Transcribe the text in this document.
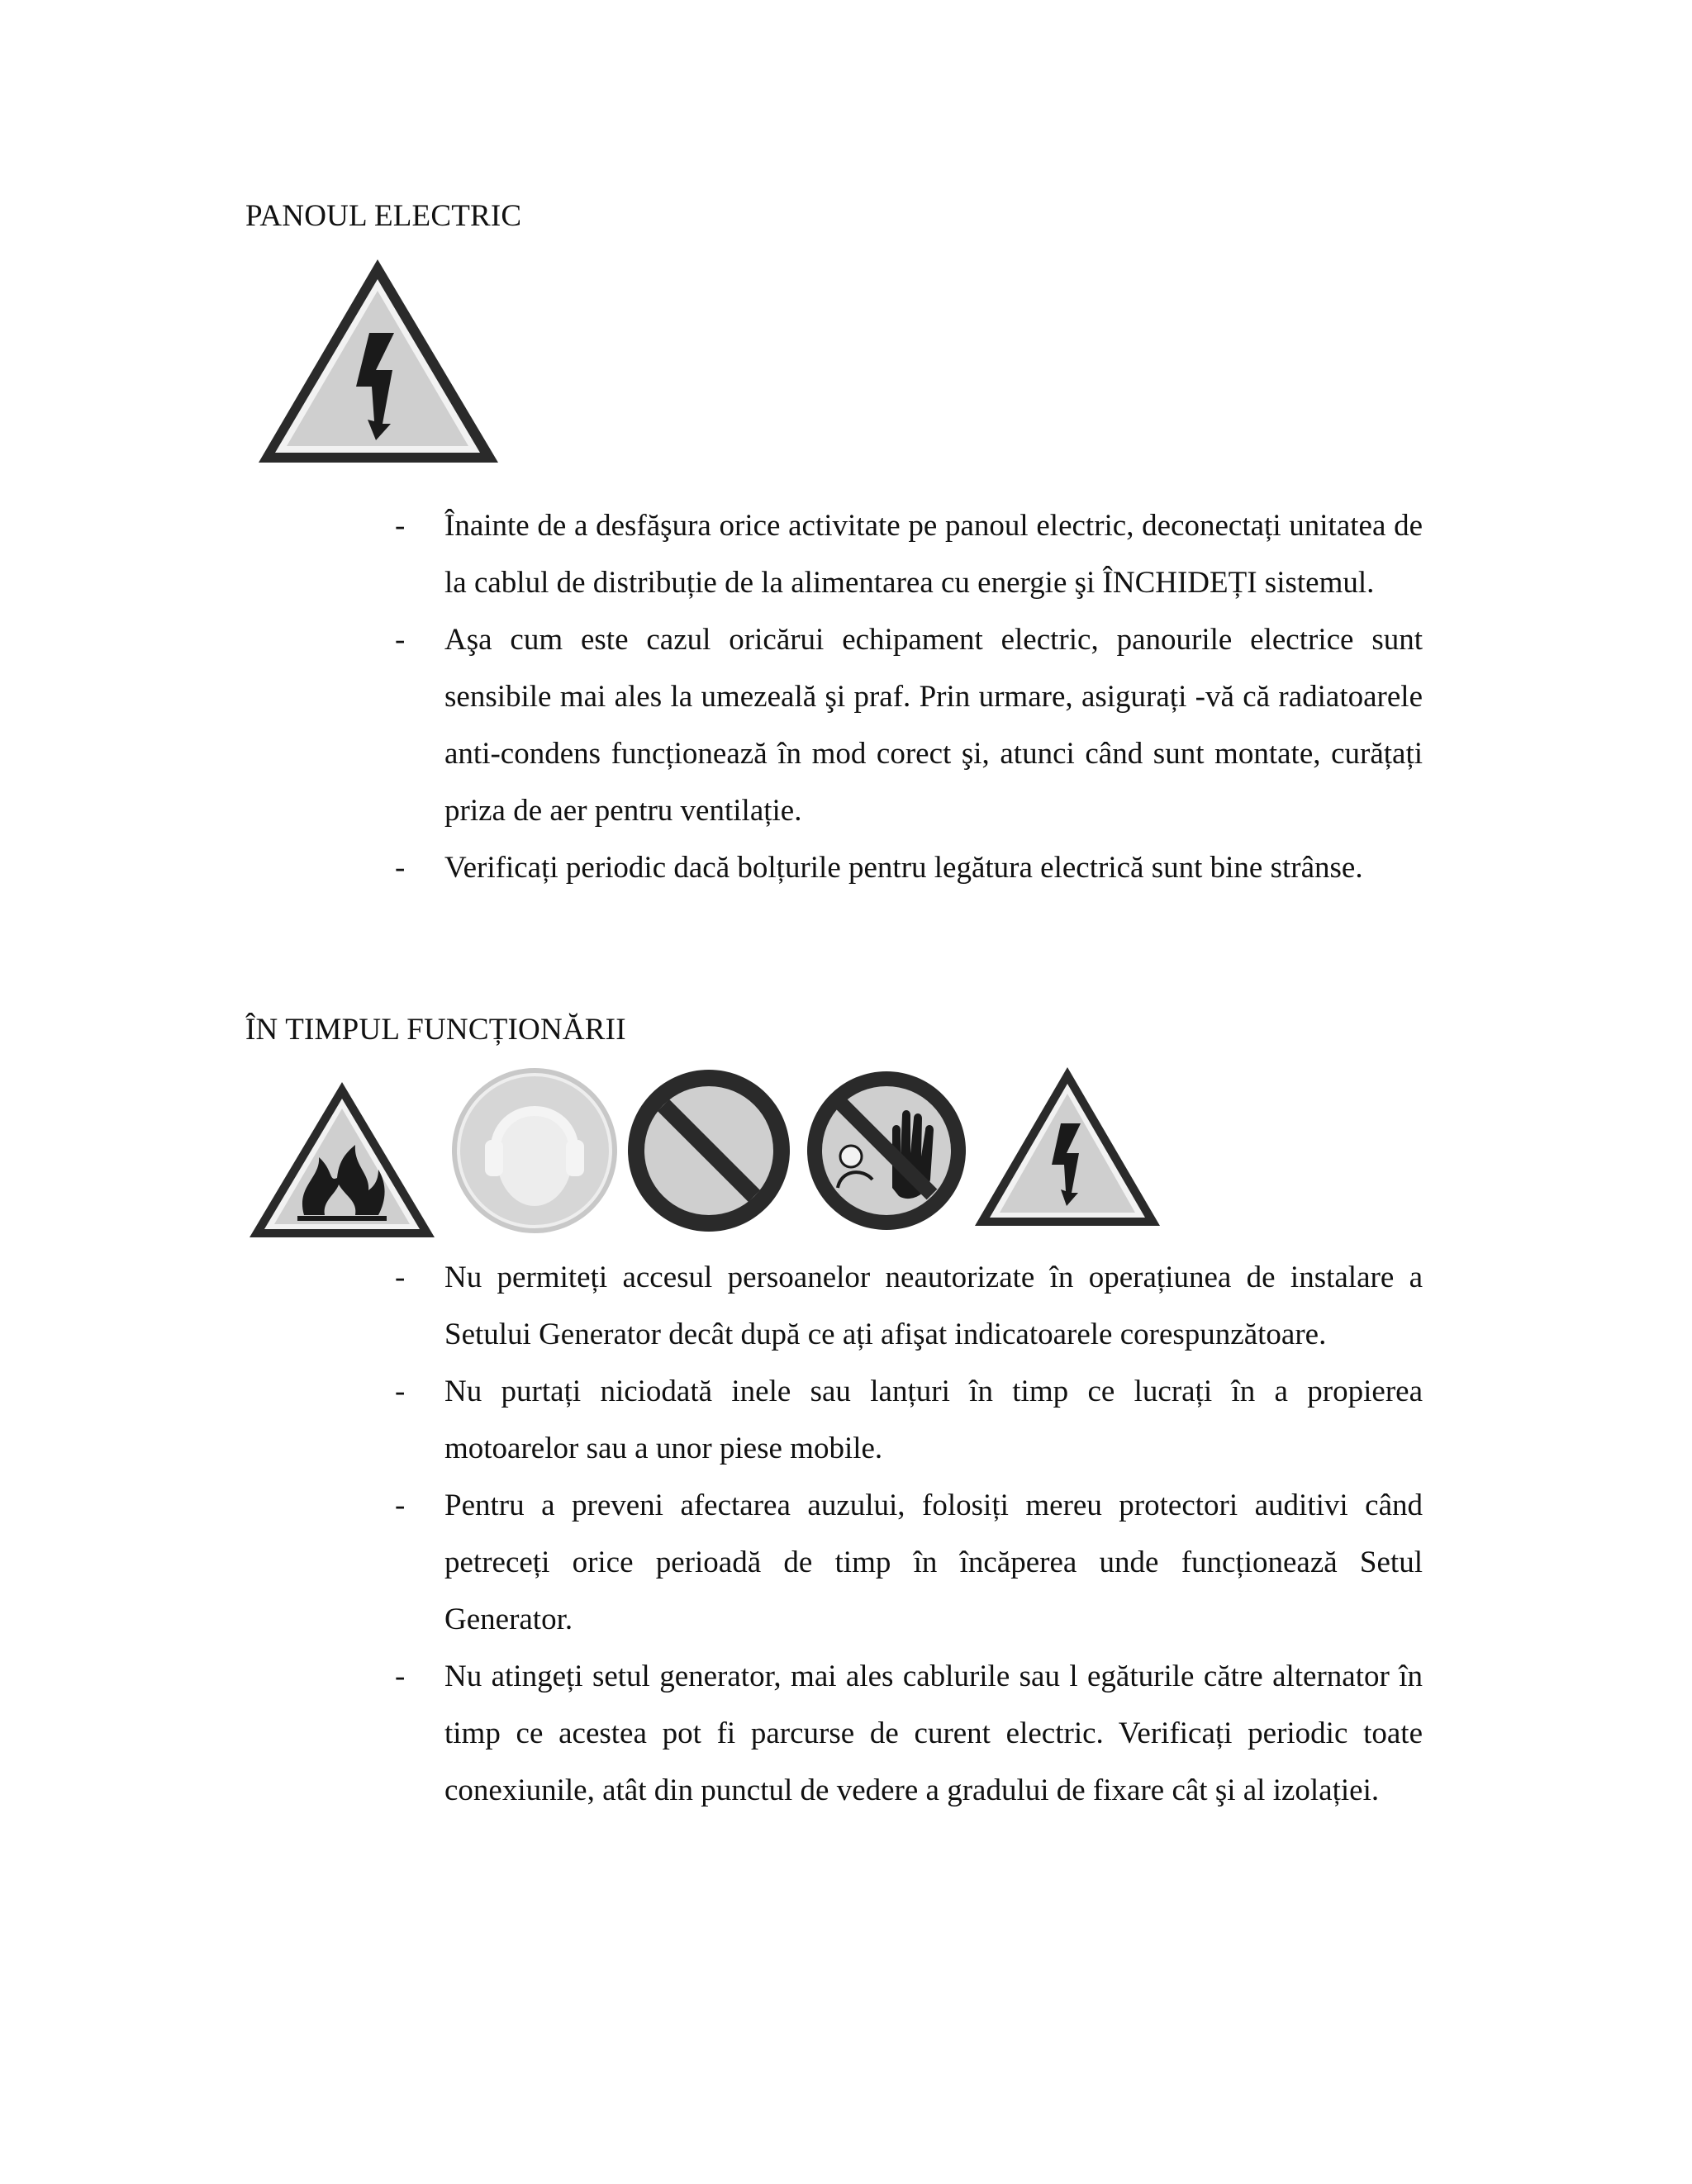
PANOUL ELECTRIC
- Înainte de a desfăşura orice activitate pe panoul electric, deconectați unitatea de la cablul de distribuție de la alimentarea cu energie şi ÎNCHIDEȚI sistemul.
- Aşa cum este cazul oricărui echipament electric, panourile electrice sunt sensibile mai ales la umezeală şi praf. Prin urmare, asigurați -vă că radiatoarele anti-condens funcționează în mod corect şi, atunci când sunt montate, curățați priza de aer pentru ventilație.
- Verificați periodic dacă bolțurile pentru legătura electrică sunt bine strânse.
ÎN TIMPUL FUNCȚIONĂRII
- Nu permiteți accesul persoanelor neautorizate în operațiunea de instalare a Setului Generator decât după ce ați afişat indicatoarele corespunzătoare.
- Nu purtați niciodată inele sau lanțuri în timp ce lucrați în a propierea motoarelor sau a unor piese mobile.
- Pentru a preveni afectarea auzului, folosiți mereu protectori auditivi când petreceți orice perioadă de timp în încăperea unde funcționează Setul Generator.
- Nu atingeți setul generator, mai ales cablurile sau l egăturile către alternator în timp ce acestea pot fi parcurse de curent electric. Verificați periodic toate conexiunile, atât din punctul de vedere a gradului de fixare cât şi al izolației.
